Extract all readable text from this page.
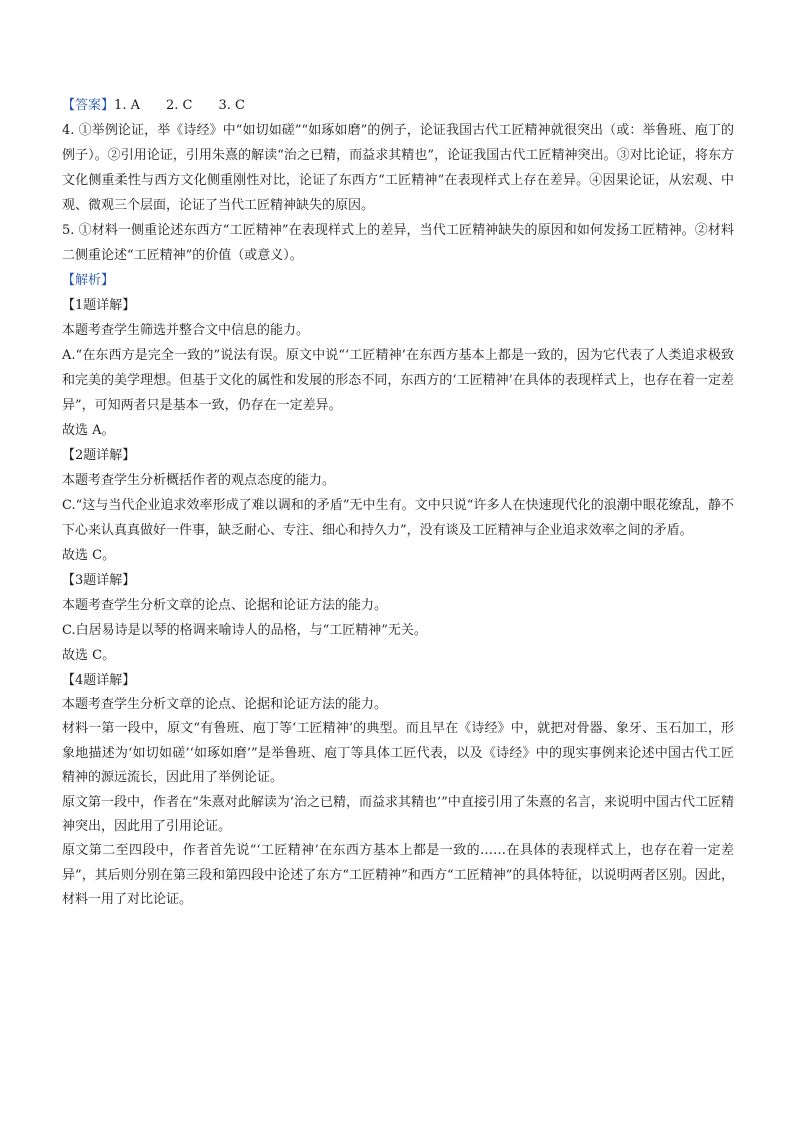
【答案】1. A　　2. C　　3. C

4. ①举例论证，举《诗经》中“如切如磋”“如琢如磨”的例子，论证我国古代工匠精神就很突出（或：举鲁班、庖丁的例子）。②引用论证，引用朱熹的解读“治之已精，而益求其精也”，论证我国古代工匠精神突出。③对比论证，将东方文化侧重柔性与西方文化侧重刚性对比，论证了东西方“工匠精神”在表现样式上存在差异。④因果论证，从宏观、中观、微观三个层面，论证了当代工匠精神缺失的原因。

5. ①材料一侧重论述东西方“工匠精神”在表现样式上的差异，当代工匠精神缺失的原因和如何发扬工匠精神。②材料二侧重论述“工匠精神”的价值（或意义）。

【解析】

【1题详解】

本题考查学生筛选并整合文中信息的能力。

A.“在东西方是完全一致的”说法有误。原文中说“‘工匠精神’在东西方基本上都是一致的，因为它代表了人类追求极致和完美的美学理想。但基于文化的属性和发展的形态不同，东西方的‘工匠精神’在具体的表现样式上，也存在着一定差异”，可知两者只是基本一致，仍存在一定差异。

故选 A。

【2题详解】

本题考查学生分析概括作者的观点态度的能力。

C.“这与当代企业追求效率形成了难以调和的矛盾”无中生有。文中只说“许多人在快速现代化的浪潮中眼花缭乱，静不下心来认真真做好一件事，缺乏耐心、专注、细心和持久力”，没有谈及工匠精神与企业追求效率之间的矛盾。

故选 C。

【3题详解】

本题考查学生分析文章的论点、论据和论证方法的能力。

C.白居易诗是以琴的格调来喻诗人的品格，与“工匠精神”无关。

故选 C。

【4题详解】

本题考查学生分析文章的论点、论据和论证方法的能力。

材料一第一段中，原文“有鲁班、庖丁等‘工匠精神’的典型。而且早在《诗经》中，就把对骨器、象牙、玉石加工，形象地描述为‘如切如磋’‘如琢如磨’”是举鲁班、庖丁等具体工匠代表，以及《诗经》中的现实事例来论述中国古代工匠精神的源远流长，因此用了举例论证。

原文第一段中，作者在“朱熹对此解读为‘治之已精，而益求其精也’”中直接引用了朱熹的名言，来说明中国古代工匠精神突出，因此用了引用论证。

原文第二至四段中，作者首先说“‘工匠精神’在东西方基本上都是一致的……在具体的表现样式上，也存在着一定差异”，其后则分别在第三段和第四段中论述了东方“工匠精神”和西方“工匠精神”的具体特征，以说明两者区别。因此，材料一用了对比论证。
